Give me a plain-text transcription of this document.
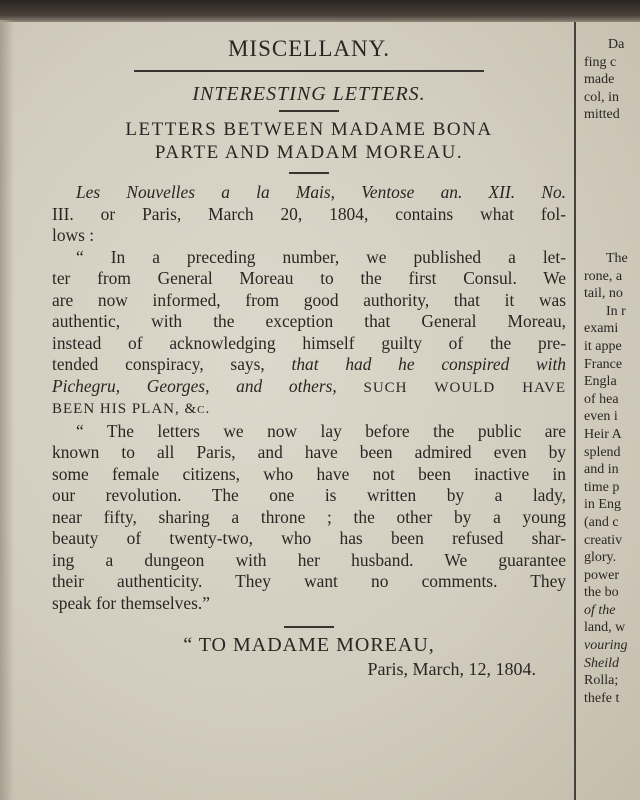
MISCELLANY.
INTERESTING LETTERS.
LETTERS BETWEEN MADAME BONA
PARTE AND MADAM MOREAU.

Les Nouvelles a la Mais, Ventose an. XII. No.
III. or Paris, March 20, 1804, contains what fol-
lows :

“ In a preceding number, we published a let-
ter from General Moreau to the first Consul. We
are now informed, from good authority, that it was
authentic, with the exception that General Moreau,
instead of acknowledging himself guilty of the pre-
tended conspiracy, says, that had he conspired with
Pichegru, Georges, and others, SUCH WOULD HAVE
BEEN HIS PLAN, &c.

“ The letters we now lay before the public are
known to all Paris, and have been admired even by
some female citizens, who have not been inactive in
our revolution. The one is written by a lady,
near fifty, sharing a throne ; the other by a young
beauty of twenty-two, who has been refused shar-
ing a dungeon with her husband. We guarantee
their authenticity. They want no comments. They
speak for themselves.”

“ TO MADAME MOREAU,
Paris, March, 12, 1804.
Da
fing c
made
col, in
mitted
The
rone, a
tail, no
In r
exami
it appe
France
Engla
of hea
even i
Heir A
splend
and in
time p
in Eng
(and c
creativ
glory.
power
the bo
of the
land, w
vouring
Sheild
Rolla;
thefe t
